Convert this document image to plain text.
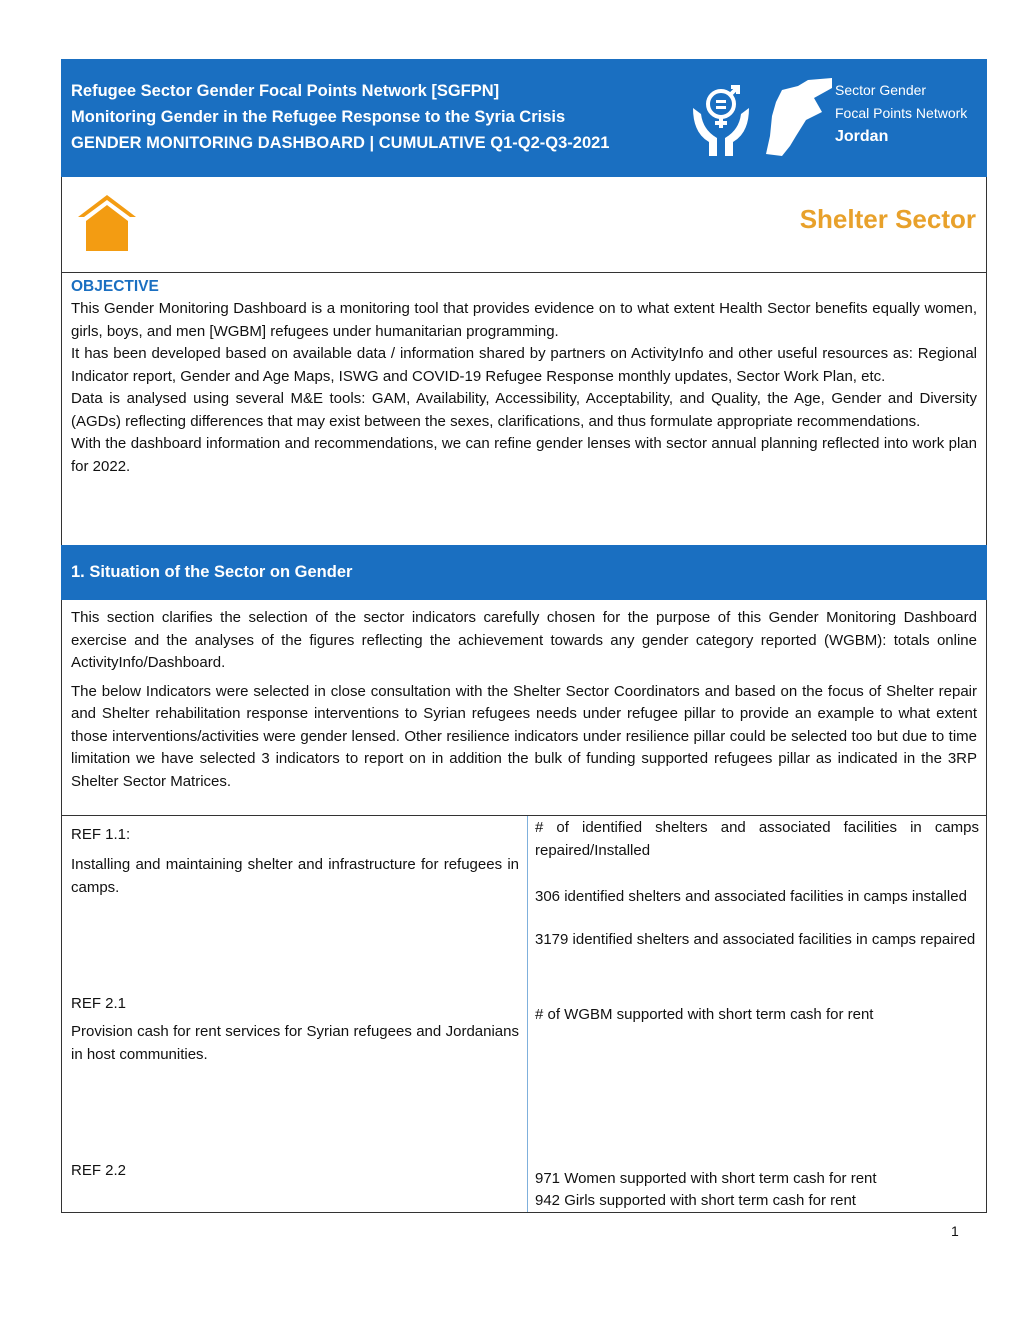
Refugee Sector Gender Focal Points Network [SGFPN]
Monitoring Gender in the Refugee Response to the Syria Crisis
GENDER MONITORING DASHBOARD | CUMULATIVE Q1-Q2-Q3-2021
Sector Gender
Focal Points Network
Jordan
Shelter Sector
OBJECTIVE

This Gender Monitoring Dashboard is a monitoring tool that provides evidence on to what extent Health Sector benefits equally women, girls, boys, and men [WGBM] refugees under humanitarian programming.

It has been developed based on available data / information shared by partners on ActivityInfo and other useful resources as: Regional Indicator report, Gender and Age Maps, ISWG and COVID-19 Refugee Response monthly updates, Sector Work Plan, etc.

Data is analysed using several M&E tools: GAM, Availability, Accessibility, Acceptability, and Quality, the Age, Gender and Diversity (AGDs) reflecting differences that may exist between the sexes, clarifications, and thus formulate appropriate recommendations.

With the dashboard information and recommendations, we can refine gender lenses with sector annual planning reflected into work plan for 2022.

1. Situation of the Sector on Gender

This section clarifies the selection of the sector indicators carefully chosen for the purpose of this Gender Monitoring Dashboard exercise and the analyses of the figures reflecting the achievement towards any gender category reported (WGBM): totals online ActivityInfo/Dashboard.

The below Indicators were selected in close consultation with the Shelter Sector Coordinators and based on the focus of Shelter repair and Shelter rehabilitation response interventions to Syrian refugees needs under refugee pillar to provide an example to what extent those interventions/activities were gender lensed. Other resilience indicators under resilience pillar could be selected too but due to time limitation we have selected 3 indicators to report on in addition the bulk of funding supported refugees pillar as indicated in the 3RP Shelter Sector Matrices.

REF 1.1:
Installing and maintaining shelter and infrastructure for refugees in camps.
# of identified shelters and associated facilities in camps repaired/Installed
306 identified shelters and associated facilities in camps installed
3179 identified shelters and associated facilities in camps repaired
REF 2.1
Provision cash for rent services for Syrian refugees and Jordanians in host communities.
# of WGBM supported with short term cash for rent
REF 2.2	971 Women supported with short term cash for rent
942 Girls supported with short term cash for rent
1
